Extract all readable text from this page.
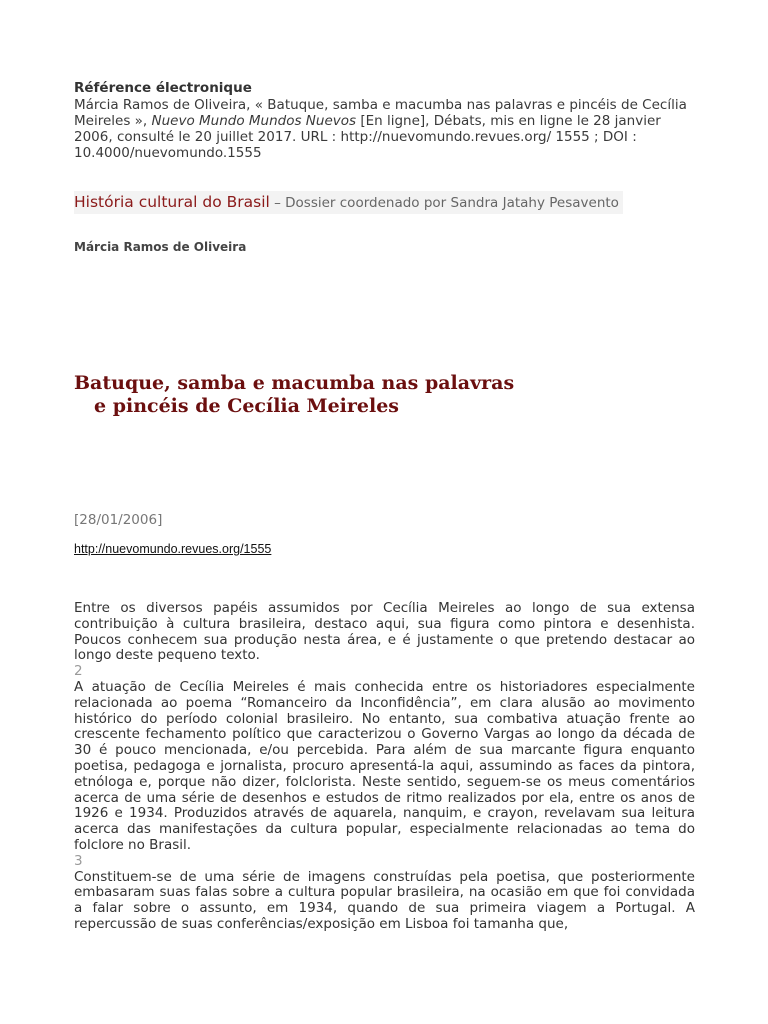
Référence électronique
Márcia Ramos de Oliveira, « Batuque, samba e macumba nas palavras e pincéis de Cecília Meireles », Nuevo Mundo Mundos Nuevos [En ligne], Débats, mis en ligne le 28 janvier 2006, consulté le 20 juillet 2017. URL : http://nuevomundo.revues.org/ 1555 ; DOI : 10.4000/nuevomundo.1555
História cultural do Brasil – Dossier coordenado por Sandra Jatahy Pesavento
Márcia Ramos de Oliveira
Batuque, samba e macumba nas palavras
e pincéis de Cecília Meireles
[28/01/2006]
http://nuevomundo.revues.org/1555

Entre os diversos papéis assumidos por Cecília Meireles ao longo de sua extensa contribuição à cultura brasileira, destaco aqui, sua figura como pintora e desenhista. Poucos conhecem sua produção nesta área, e é justamente o que pretendo destacar ao longo deste pequeno texto.

2

A atuação de Cecília Meireles é mais conhecida entre os historiadores especialmente relacionada ao poema “Romanceiro da Inconfidência”, em clara alusão ao movimento histórico do período colonial brasileiro. No entanto, sua combativa atuação frente ao crescente fechamento político que caracterizou o Governo Vargas ao longo da década de 30 é pouco mencionada, e/ou percebida. Para além de sua marcante figura enquanto poetisa, pedagoga e jornalista, procuro apresentá-la aqui, assumindo as faces da pintora, etnóloga e, porque não dizer, folclorista. Neste sentido, seguem-se os meus comentários acerca de uma série de desenhos e estudos de ritmo realizados por ela, entre os anos de 1926 e 1934. Produzidos através de aquarela, nanquim, e crayon, revelavam sua leitura acerca das manifestações da cultura popular, especialmente relacionadas ao tema do folclore no Brasil.

3

Constituem-se de uma série de imagens construídas pela poetisa, que posteriormente embasaram suas falas sobre a cultura popular brasileira, na ocasião em que foi convidada a falar sobre o assunto, em 1934, quando de sua primeira viagem a Portugal. A repercussão de suas conferências/exposição em Lisboa foi tamanha que,
